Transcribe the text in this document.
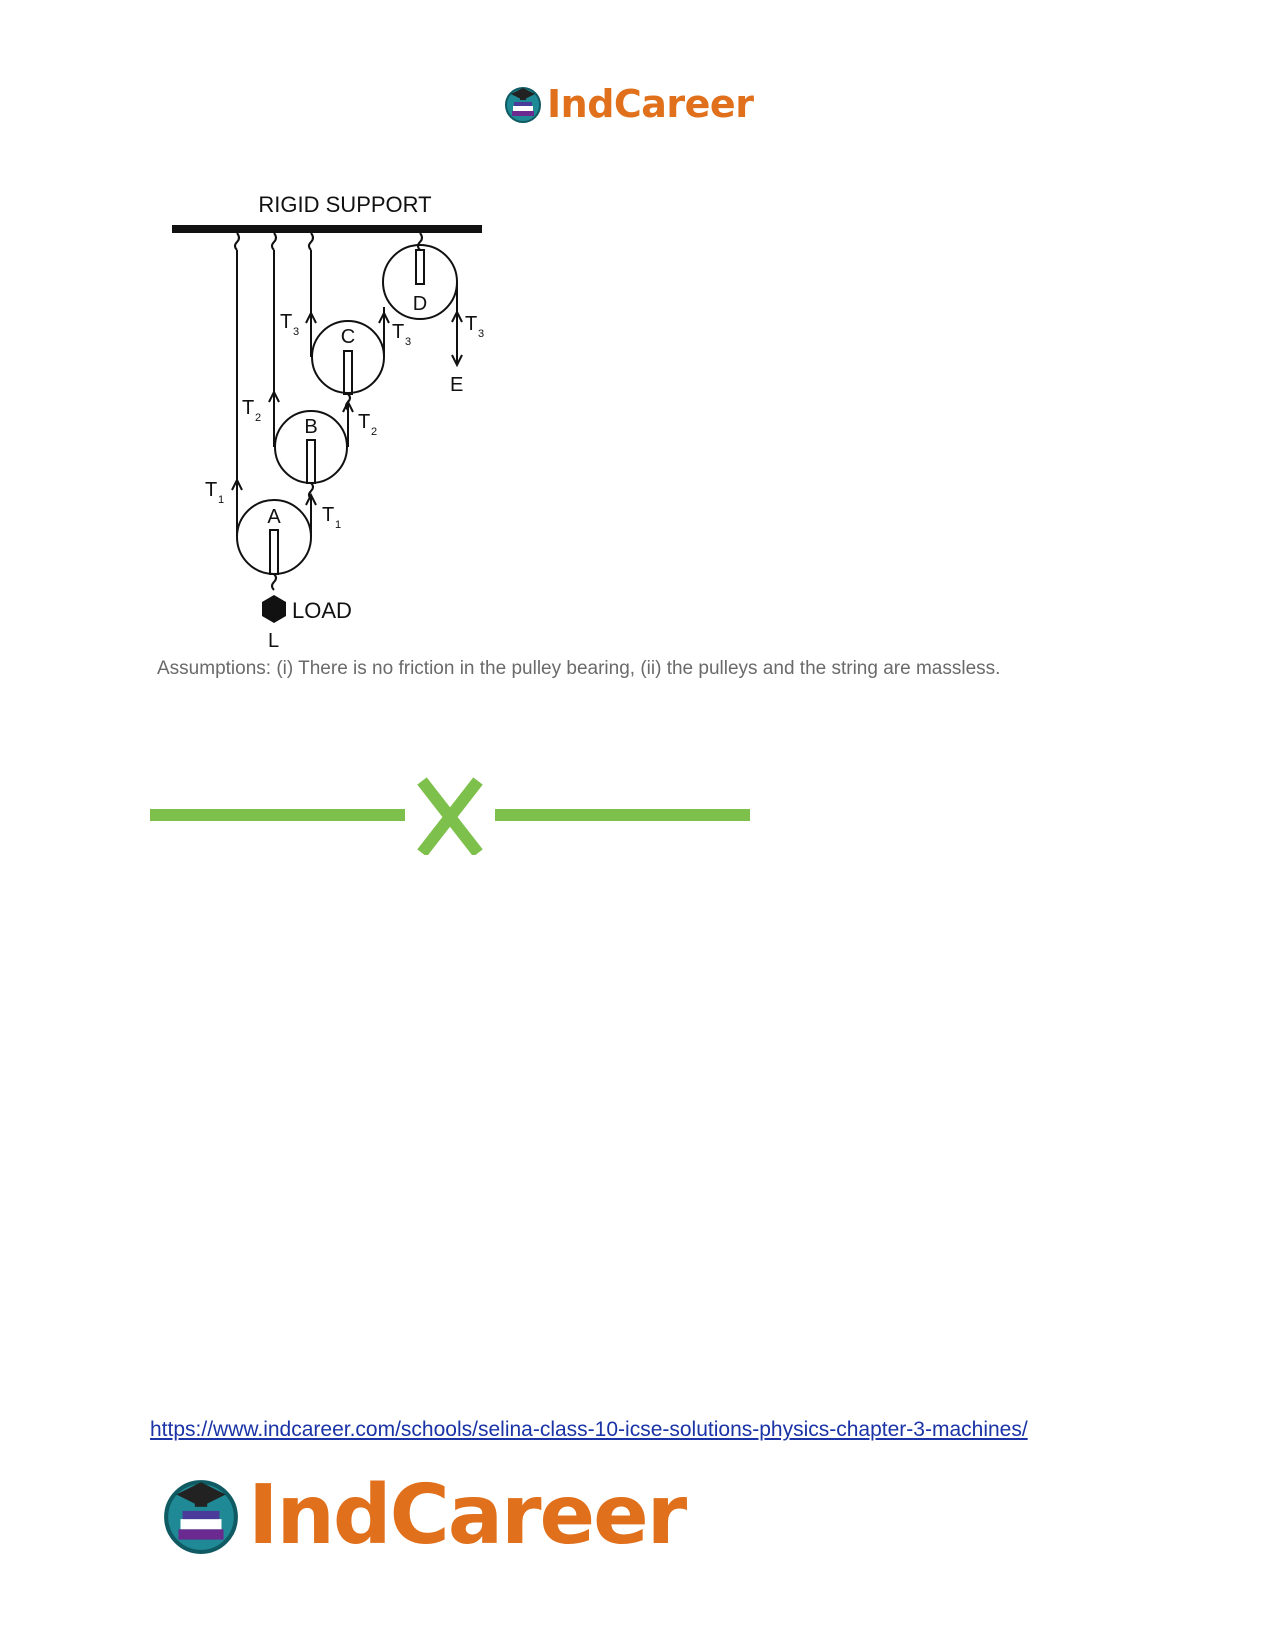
IndCareer
RIGID SUPPORT
A
B
C
D
T 1
T 1
T 2	T 2
T 3	T 3
T 3
E
LOAD
L
Assumptions: (i) There is no friction in the pulley bearing, (ii) the pulleys and the string are massless.
https://www.indcareer.com/schools/selina-class-10-icse-solutions-physics-chapter-3-machines/
IndCareer
